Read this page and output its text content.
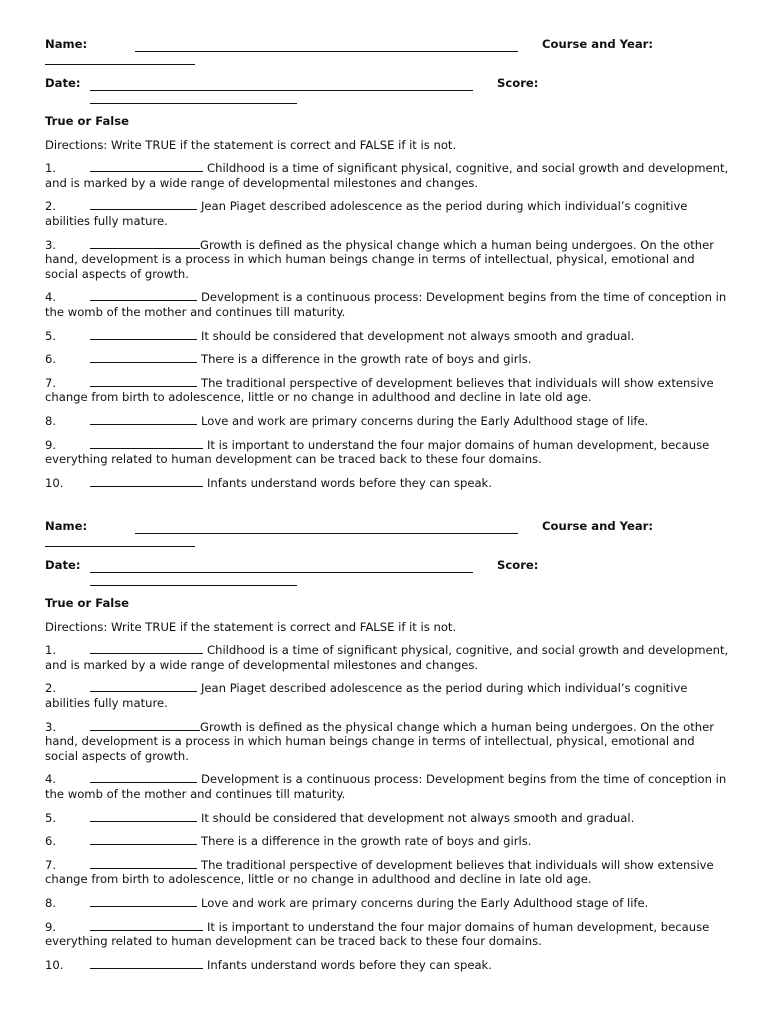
Name:	Course and Year:
Date:	Score:
True or False
Directions: Write TRUE if the statement is correct and FALSE if it is not.
1.	Childhood is a time of significant physical, cognitive, and social growth and development, and is marked by a wide range of developmental milestones and changes.
2.	Jean Piaget described adolescence as the period during which individual’s cognitive abilities fully mature.
3.	Growth is defined as the physical change which a human being undergoes. On the other hand, development is a process in which human beings change in terms of intellectual, physical, emotional and social aspects of growth.
4.	Development is a continuous process: Development begins from the time of conception in the womb of the mother and continues till maturity.
5.	It should be considered that development not always smooth and gradual.
6.	There is a difference in the growth rate of boys and girls.
7.	The traditional perspective of development believes that individuals will show extensive change from birth to adolescence, little or no change in adulthood and decline in late old age.
8.	Love and work are primary concerns during the Early Adulthood stage of life.
9.	It is important to understand the four major domains of human development, because everything related to human development can be traced back to these four domains.
10.	Infants understand words before they can speak.
Name:	Course and Year:
Date:	Score:
True or False
Directions: Write TRUE if the statement is correct and FALSE if it is not.
1.	Childhood is a time of significant physical, cognitive, and social growth and development, and is marked by a wide range of developmental milestones and changes.
2.	Jean Piaget described adolescence as the period during which individual’s cognitive abilities fully mature.
3.	Growth is defined as the physical change which a human being undergoes. On the other hand, development is a process in which human beings change in terms of intellectual, physical, emotional and social aspects of growth.
4.	Development is a continuous process: Development begins from the time of conception in the womb of the mother and continues till maturity.
5.	It should be considered that development not always smooth and gradual.
6.	There is a difference in the growth rate of boys and girls.
7.	The traditional perspective of development believes that individuals will show extensive change from birth to adolescence, little or no change in adulthood and decline in late old age.
8.	Love and work are primary concerns during the Early Adulthood stage of life.
9.	It is important to understand the four major domains of human development, because everything related to human development can be traced back to these four domains.
10.	Infants understand words before they can speak.
